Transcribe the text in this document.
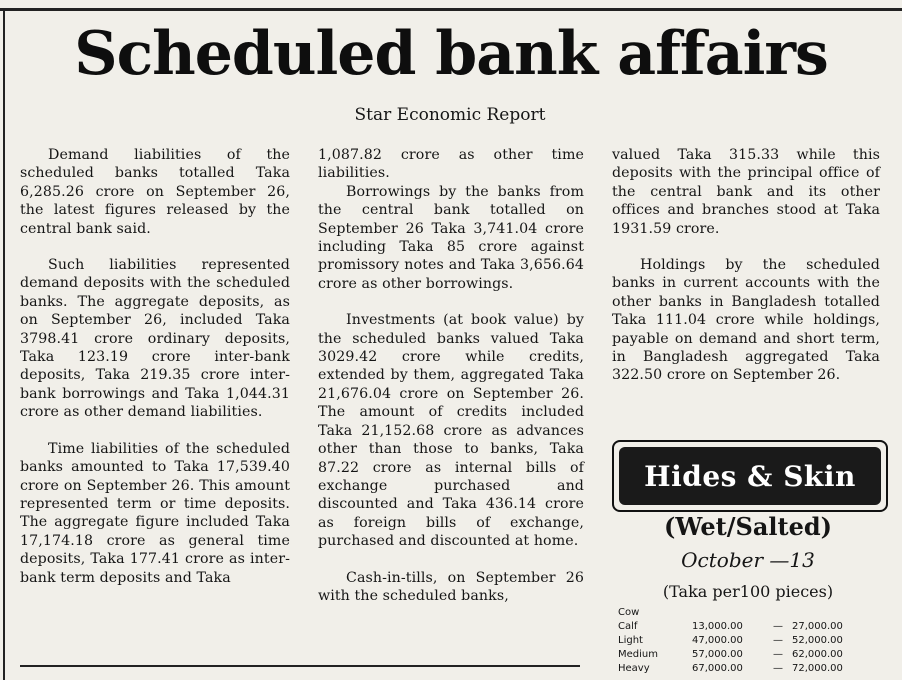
Scheduled bank affairs
Star Economic Report

Demand liabilities of the scheduled banks totalled Taka 6,285.26 crore on September 26, the latest figures released by the central bank said.

Such liabilities represented demand deposits with the scheduled banks. The aggregate deposits, as on September 26, included Taka 3798.41 crore ordinary deposits, Taka 123.19 crore inter-bank deposits, Taka 219.35 crore inter-bank borrowings and Taka 1,044.31 crore as other demand liabilities.

Time liabilities of the scheduled banks amounted to Taka 17,539.40 crore on September 26. This amount represented term or time deposits. The aggregate figure included Taka 17,174.18 crore as general time deposits, Taka 177.41 crore as inter-bank term deposits and Taka

1,087.82 crore as other time liabilities.

Borrowings by the banks from the central bank totalled on September 26 Taka 3,741.04 crore including Taka 85 crore against promissory notes and Taka 3,656.64 crore as other borrowings.

Investments (at book value) by the scheduled banks valued Taka 3029.42 crore while credits, extended by them, aggregated Taka 21,676.04 crore on September 26. The amount of credits included Taka 21,152.68 crore as advances other than those to banks, Taka 87.22 crore as internal bills of exchange purchased and discounted and Taka 436.14 crore as foreign bills of exchange, purchased and discounted at home.

Cash-in-tills, on September 26 with the scheduled banks,

valued Taka 315.33 while this deposits with the principal office of the central bank and its other offices and branches stood at Taka 1931.59 crore.

Holdings by the scheduled banks in current accounts with the other banks in Bangladesh totalled Taka 111.04 crore while holdings, payable on demand and short term, in Bangladesh aggregated Taka 322.50 crore on September 26.

Hides & Skin
(Wet/Salted)
October —13
(Taka per100 pieces)
Cow
Calf	13,000.00	— 27,000.00
Light	47,000.00	— 52,000.00
Medium	57,000.00	— 62,000.00
Heavy	67,000.00	— 72,000.00
